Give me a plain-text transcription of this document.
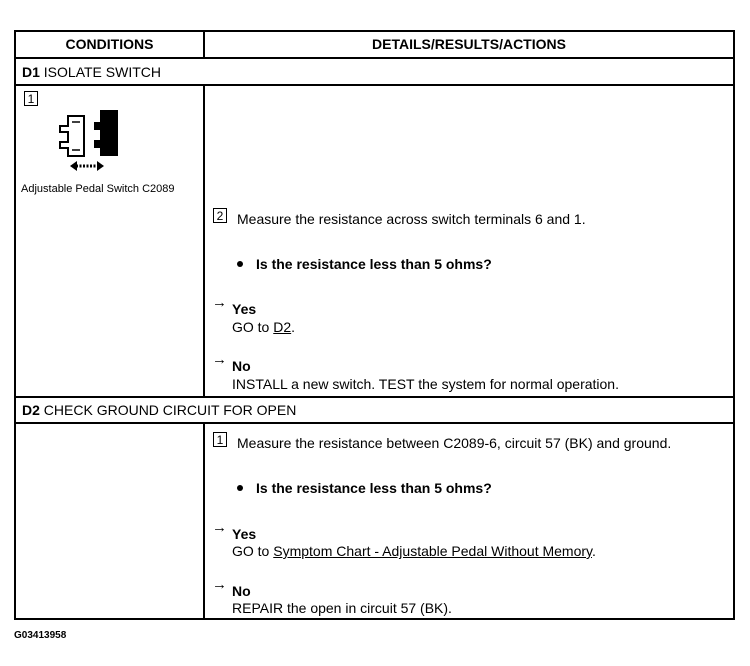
CONDITIONS	DETAILS/RESULTS/ACTIONS
D1 ISOLATE SWITCH
1
Adjustable Pedal Switch C2089
2 Measure the resistance across switch terminals 6 and 1.
Is the resistance less than 5 ohms?
→ Yes
GO to D2.
→ No
INSTALL a new switch. TEST the system for normal operation.
D2 CHECK GROUND CIRCUIT FOR OPEN
1 Measure the resistance between C2089-6, circuit 57 (BK) and ground.
Is the resistance less than 5 ohms?
→ Yes
GO to Symptom Chart - Adjustable Pedal Without Memory.
→ No
REPAIR the open in circuit 57 (BK).
G03413958
